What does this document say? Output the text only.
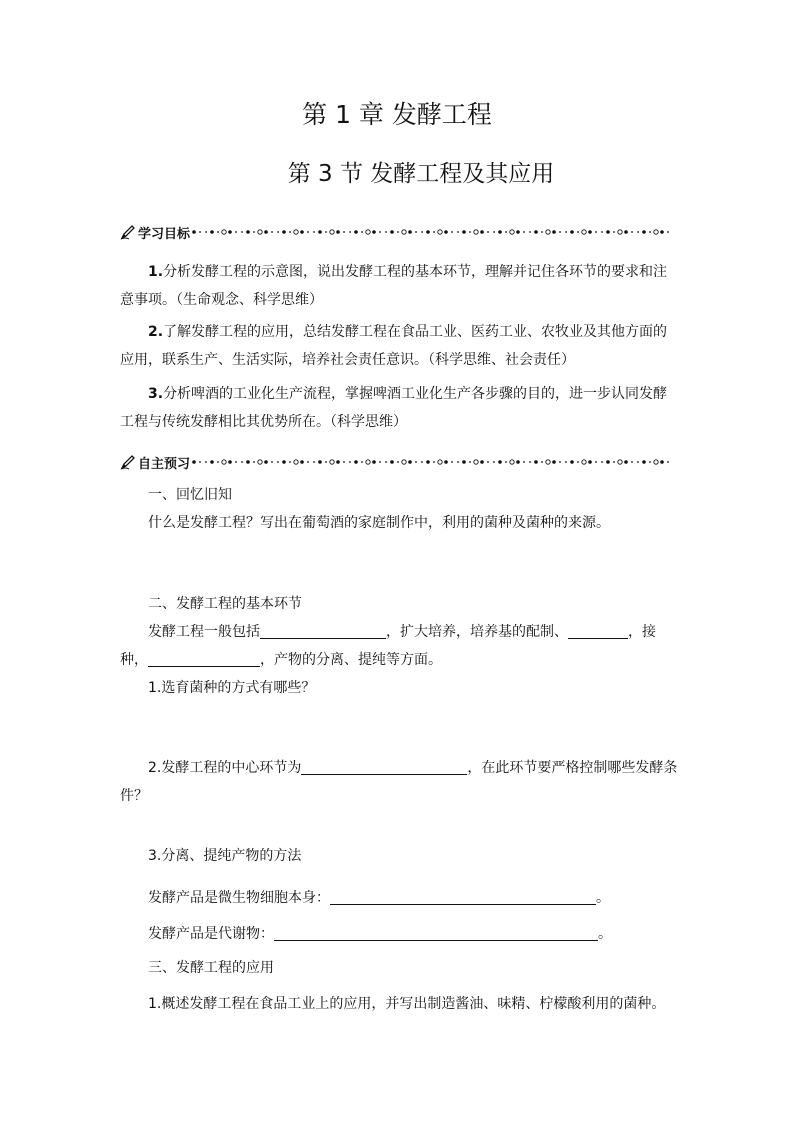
第 1 章 发酵工程
第 3 节 发酵工程及其应用
学习目标
1.分析发酵工程的示意图，说出发酵工程的基本环节，理解并记住各环节的要求和注意事项。（生命观念、科学思维）
2.了解发酵工程的应用，总结发酵工程在食品工业、医药工业、农牧业及其他方面的应用，联系生产、生活实际，培养社会责任意识。（科学思维、社会责任）
3.分析啤酒的工业化生产流程，掌握啤酒工业化生产各步骤的目的，进一步认同发酵工程与传统发酵相比其优势所在。（科学思维）
自主预习
一、回忆旧知
什么是发酵工程？写出在葡萄酒的家庭制作中，利用的菌种及菌种的来源。
二、发酵工程的基本环节
发酵工程一般包括	，扩大培养，培养基的配制、	，接
种，	，产物的分离、提纯等方面。
1.选育菌种的方式有哪些？
2.发酵工程的中心环节为	，在此环节要严格控制哪些发酵条
件？
3.分离、提纯产物的方法
发酵产品是微生物细胞本身：	。
发酵产品是代谢物：	。
三、发酵工程的应用
1.概述发酵工程在食品工业上的应用，并写出制造酱油、味精、柠檬酸利用的菌种。
